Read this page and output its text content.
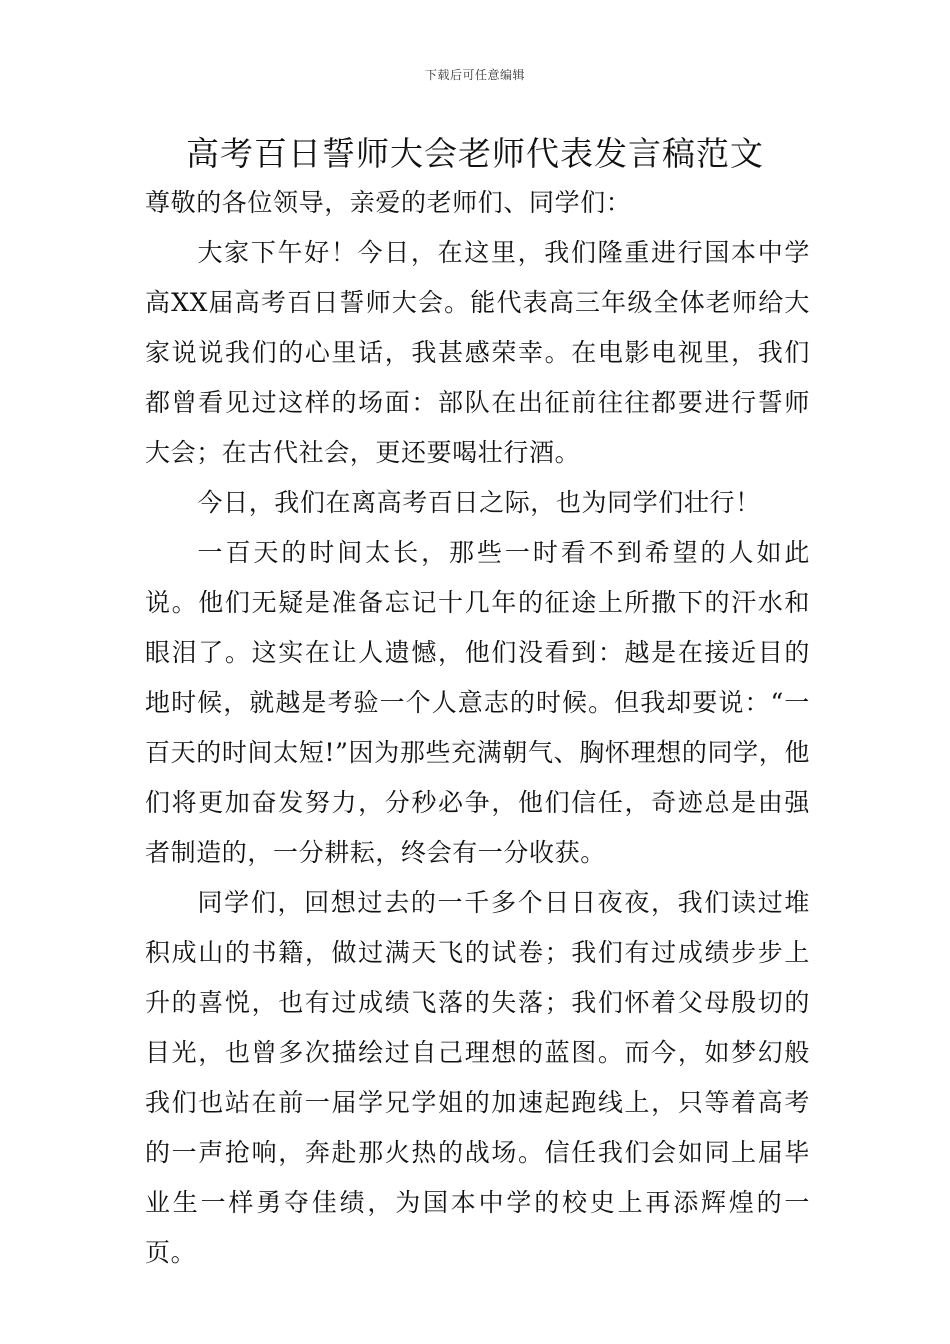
下载后可任意编辑
高考百日誓师大会老师代表发言稿范文

尊敬的各位领导，亲爱的老师们、同学们：

大家下午好！今日，在这里，我们隆重进行国本中学高XX届高考百日誓师大会。能代表高三年级全体老师给大家说说我们的心里话，我甚感荣幸。在电影电视里，我们都曾看见过这样的场面：部队在出征前往往都要进行誓师大会；在古代社会，更还要喝壮行酒。

今日，我们在离高考百日之际，也为同学们壮行！

一百天的时间太长，那些一时看不到希望的人如此说。他们无疑是准备忘记十几年的征途上所撒下的汗水和眼泪了。这实在让人遗憾，他们没看到：越是在接近目的地时候，就越是考验一个人意志的时候。但我却要说：“一百天的时间太短!”因为那些充满朝气、胸怀理想的同学，他们将更加奋发努力，分秒必争，他们信任，奇迹总是由强者制造的，一分耕耘，终会有一分收获。

同学们，回想过去的一千多个日日夜夜，我们读过堆积成山的书籍，做过满天飞的试卷；我们有过成绩步步上升的喜悦，也有过成绩飞落的失落；我们怀着父母殷切的目光，也曾多次描绘过自己理想的蓝图。而今，如梦幻般我们也站在前一届学兄学姐的加速起跑线上，只等着高考的一声抢响，奔赴那火热的战场。信任我们会如同上届毕业生一样勇夺佳绩，为国本中学的校史上再添辉煌的一页。
